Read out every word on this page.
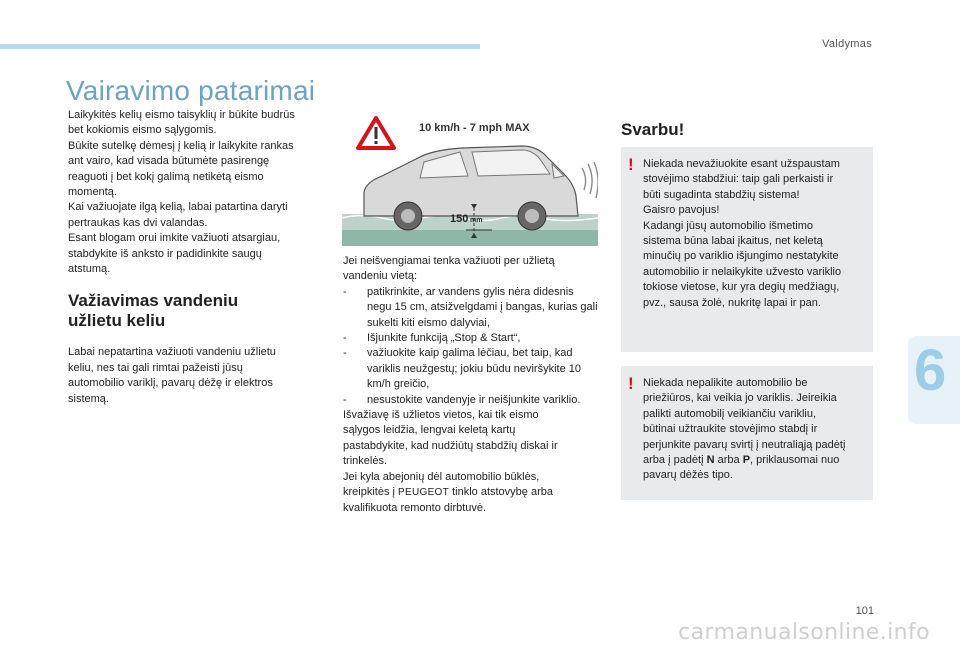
Valdymas
6
Vairavimo patarimai

Laikykitės kelių eismo taisyklių ir būkite budrūs
bet kokiomis eismo sąlygomis.
Būkite sutelkę dėmesį į kelią ir laikykite rankas
ant vairo, kad visada būtumėte pasirengę
reaguoti į bet kokį galimą netikėtą eismo
momentą.
Kai važiuojate ilgą kelią, labai patartina daryti
pertraukas kas dvi valandas.
Esant blogam orui imkite važiuoti atsargiau,
stabdykite iš anksto ir padidinkite saugų
atstumą.

Važiavimas vandeniu
užlietu keliu

Labai nepatartina važiuoti vandeniu užlietu
keliu, nes tai gali rimtai pažeisti jūsų
automobilio variklį, pavarų dėžę ir elektros
sistemą.

10 km/h - 7 mph MAX
150 mm

Jei neišvengiamai tenka važiuoti per užlietą
vandeniu vietą:

- patikrinkite, ar vandens gylis nėra didesnis negu 15 cm, atsižvelgdami į bangas, kurias gali sukelti kiti eismo dalyviai,
- Išjunkite funkciją „Stop & Start“,
- važiuokite kaip galima lėčiau, bet taip, kad variklis neužgestų; jokiu būdu neviršykite 10 km/h greičio,
- nesustokite vandenyje ir neišjunkite variklio.

Išvažiavę iš užlietos vietos, kai tik eismo
sąlygos leidžia, lengvai keletą kartų
pastabdykite, kad nudžiūtų stabdžių diskai ir
trinkelės.

Jei kyla abejonių dėl automobilio būklės,
kreipkitės į PEUGEOT tinklo atstovybę arba
kvalifikuota remonto dirbtuvė.

Svarbu!
! Niekada nevažiuokite esant užspaustam
stovėjimo stabdžiui: taip gali perkaisti ir
būti sugadinta stabdžių sistema!
Gaisro pavojus!
Kadangi jūsų automobilio išmetimo
sistema būna labai įkaitus, net keletą
minučių po variklio išjungimo nestatykite
automobilio ir nelaikykite užvesto variklio
tokiose vietose, kur yra degių medžiagų,
pvz., sausa žolė, nukritę lapai ir pan.

! Niekada nepalikite automobilio be
priežiūros, kai veikia jo variklis. Jeireikia
palikti automobilį veikiančiu varikliu,
būtinai užtraukite stovėjimo stabdį ir
perjunkite pavarų svirtį į neutraliąją padėtį
arba į padėtį N arba P, priklausomai nuo
pavarų dėžės tipo.

101
carmanualsonline.info
